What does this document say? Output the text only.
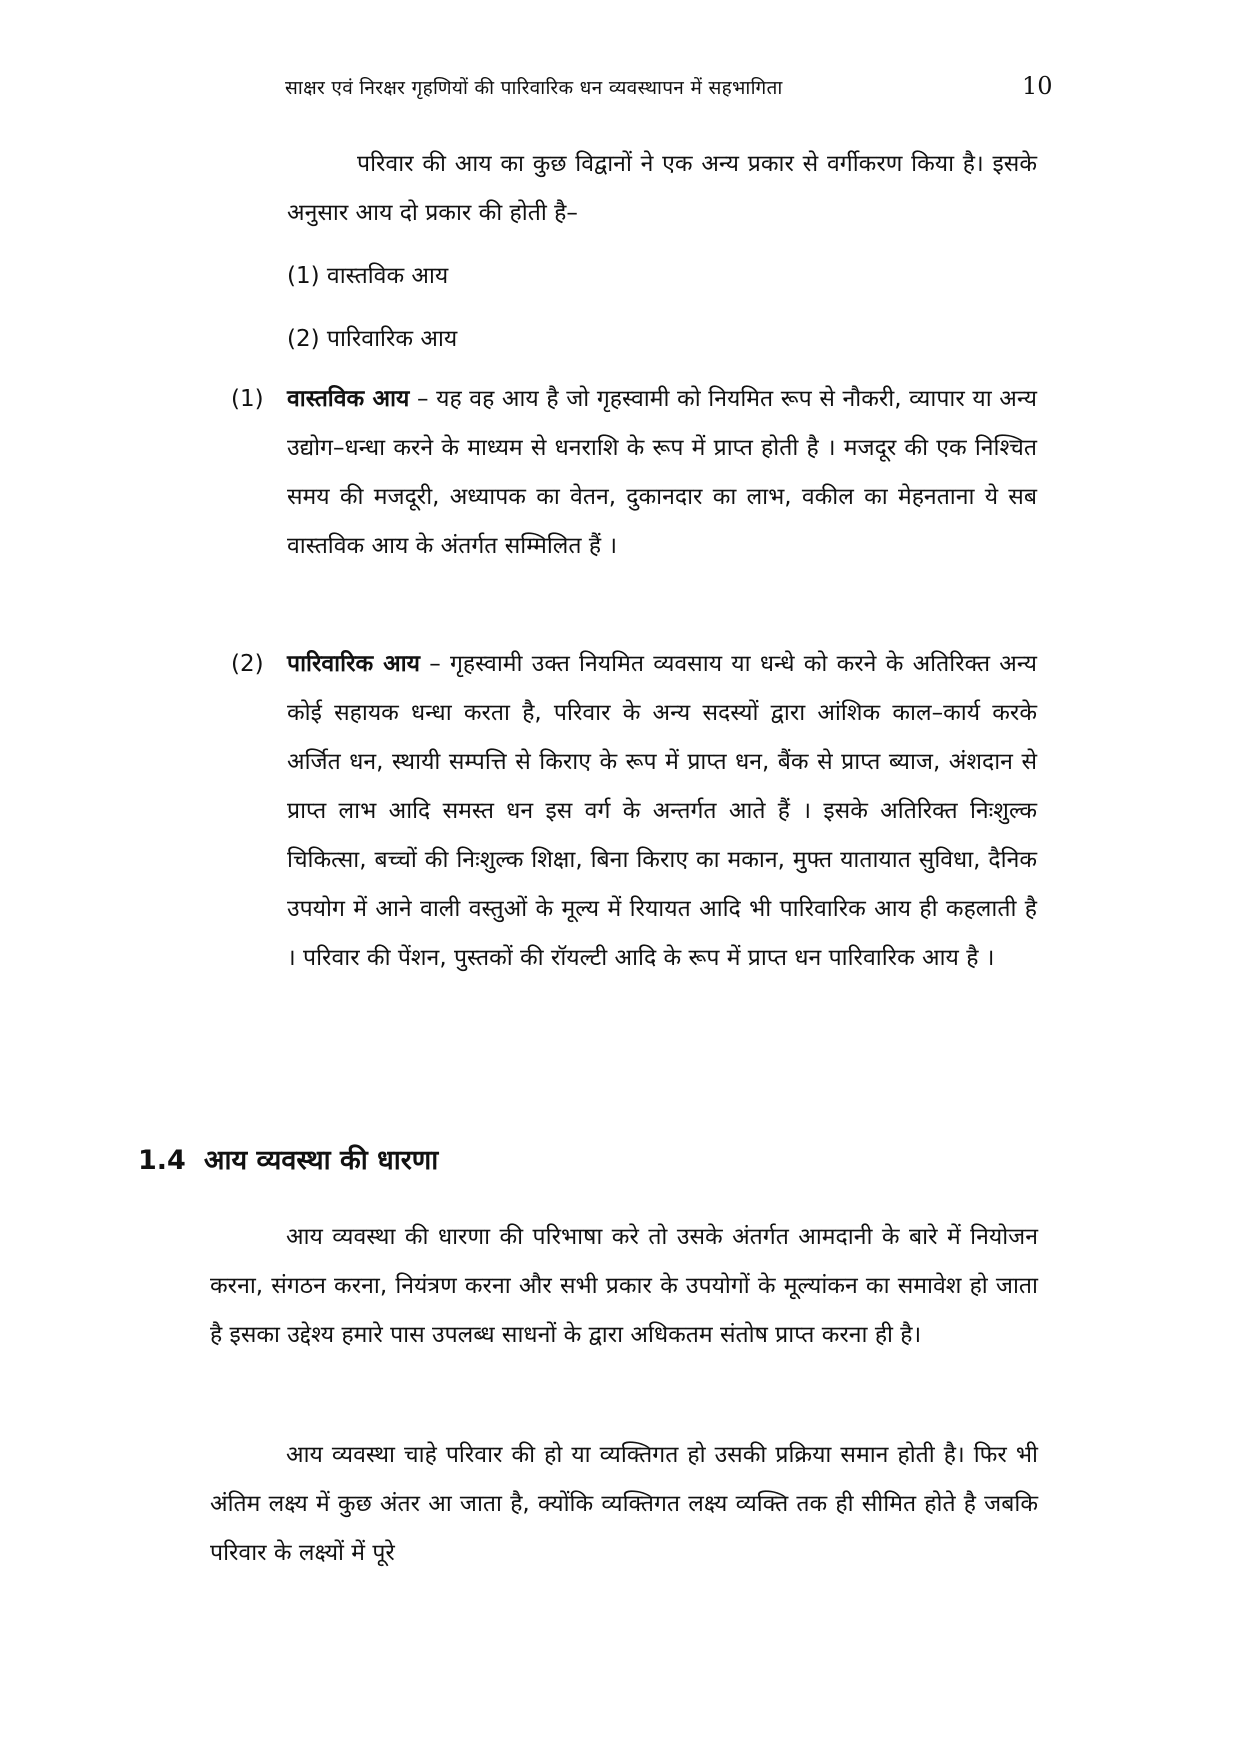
साक्षर एवं निरक्षर गृहणियों की पारिवारिक धन व्यवस्थापन में सहभागिता	10

परिवार की आय का कुछ विद्वानों ने एक अन्य प्रकार से वर्गीकरण किया है। इसके अनुसार आय दो प्रकार की होती है–

(1) वास्तविक आय
(2) पारिवारिक आय
(1) वास्तविक आय – यह वह आय है जो गृहस्वामी को नियमित रूप से नौकरी, व्यापार या अन्य उद्योग–धन्धा करने के माध्यम से धनराशि के रूप में प्राप्त होती है । मजदूर की एक निश्चित समय की मजदूरी, अध्यापक का वेतन, दुकानदार का लाभ, वकील का मेहनताना ये सब वास्तविक आय के अंतर्गत सम्मिलित हैं ।
(2) पारिवारिक आय – गृहस्वामी उक्त नियमित व्यवसाय या धन्धे को करने के अतिरिक्त अन्य कोई सहायक धन्धा करता है, परिवार के अन्य सदस्यों द्वारा आंशिक काल–कार्य करके अर्जित धन, स्थायी सम्पत्ति से किराए के रूप में प्राप्त धन, बैंक से प्राप्त ब्याज, अंशदान से प्राप्त लाभ आदि समस्त धन इस वर्ग के अन्तर्गत आते हैं । इसके अतिरिक्त निःशुल्क चिकित्सा, बच्चों की निःशुल्क शिक्षा, बिना किराए का मकान, मुफ्त यातायात सुविधा, दैनिक उपयोग में आने वाली वस्तुओं के मूल्य में रियायत आदि भी पारिवारिक आय ही कहलाती है । परिवार की पेंशन, पुस्तकों की रॉयल्टी आदि के रूप में प्राप्त धन पारिवारिक आय है ।
1.4 आय व्यवस्था की धारणा

आय व्यवस्था की धारणा की परिभाषा करे तो उसके अंतर्गत आमदानी के बारे में नियोजन करना, संगठन करना, नियंत्रण करना और सभी प्रकार के उपयोगों के मूल्यांकन का समावेश हो जाता है इसका उद्देश्य हमारे पास उपलब्ध साधनों के द्वारा अधिकतम संतोष प्राप्त करना ही है।

आय व्यवस्था चाहे परिवार की हो या व्यक्तिगत हो उसकी प्रक्रिया समान होती है। फिर भी अंतिम लक्ष्य में कुछ अंतर आ जाता है, क्योंकि व्यक्तिगत लक्ष्य व्यक्ति तक ही सीमित होते है जबकि परिवार के लक्ष्यों में पूरे
